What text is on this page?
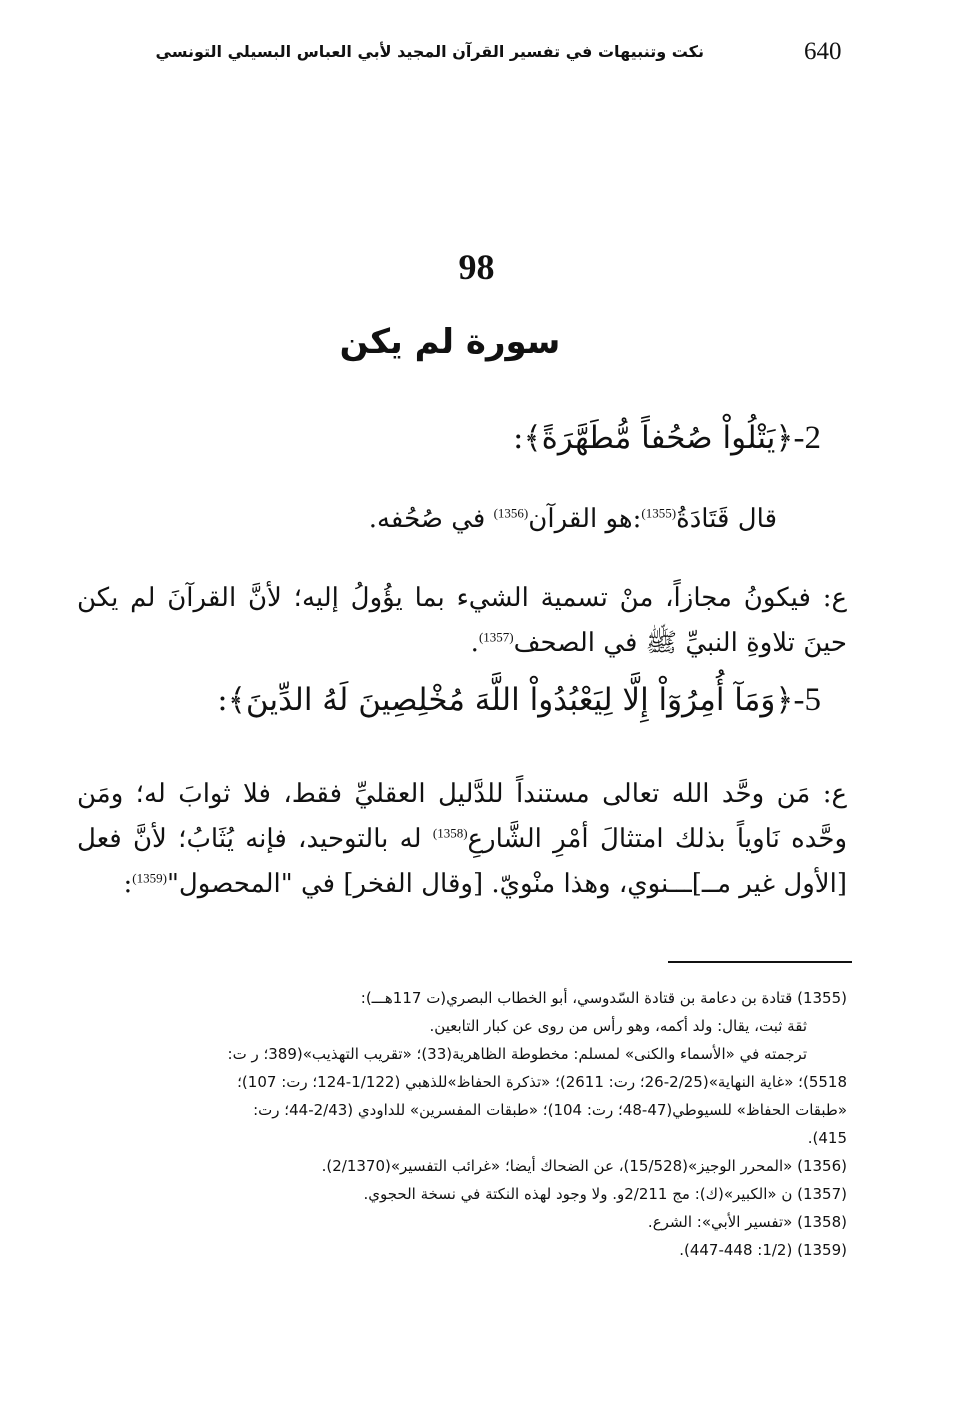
640
نكت وتنبيهات في تفسير القرآن المجيد لأبي العباس البسيلي التونسي
98
سورة لم يكن
2-﴿يَتْلُواْ صُحُفاً مُّطَهَّرَةً﴾:

قال قَتَادَةُ$^{(1355)}$:هو القرآن$^{(1356)}$ في صُحُفه.

ع: فيكونُ مجازاً، منْ تسمية الشيء بما يؤُولُ إليه؛ لأنَّ القرآنَ لم يكن حينَ تلاوةِ النبيِّ ﷺ في الصحف$^{(1357)}$.

5-﴿وَمَآ أُمِرُوٓاْ إِلَّا لِيَعْبُدُواْ اللَّهَ مُخْلِصِينَ لَهُ الدِّينَ﴾:

ع: مَن وحَّد الله تعالى مستنداً للدَّليل العقليِّ فقط، فلا ثوابَ له؛ ومَن وحَّده نَاوياً بذلك امتثالَ أمْرِ الشَّارعِ$^{(1358)}$ له بالتوحيد، فإنه يُثَابُ؛ لأنَّ فعل [الأول غير مــ]ـــنوي، وهذا منْويّ. [وقال الفخر] في "المحصول"$^{(1359)}$:

(1355) قتادة بن دعامة بن قتادة السّدوسي، أبو الخطاب البصري(ت 117هـــ):
ثقة ثبت، يقال: ولد أكمه، وهو رأس من روى عن كبار التابعين.
ترجمته في «الأسماء والكنى» لمسلم: مخطوطة الظاهرية(33)؛ «تقريب التهذيب»(389؛ ر ت:
5518)؛ «غاية النهاية»(2/25-26؛ رت: 2611)؛ «تذكرة الحفاظ»للذهبي (1/122-124؛ رت: 107)؛
«طبقات الحفاظ» للسيوطي(47-48؛ رت: 104)؛ «طبقات المفسرين» للداودي (2/43-44؛ رت:
415).
(1356) «المحرر الوجيز»(15/528)، عن الضحاك أيضا؛ «غرائب التفسير»(2/1370).
(1357) ن «الكبير»(ك): مج 2/211و. ولا وجود لهذه النكتة في نسخة الحجوي.
(1358) «تفسير الأبي»: الشرع.
(1359) (1/2: 447-448).
